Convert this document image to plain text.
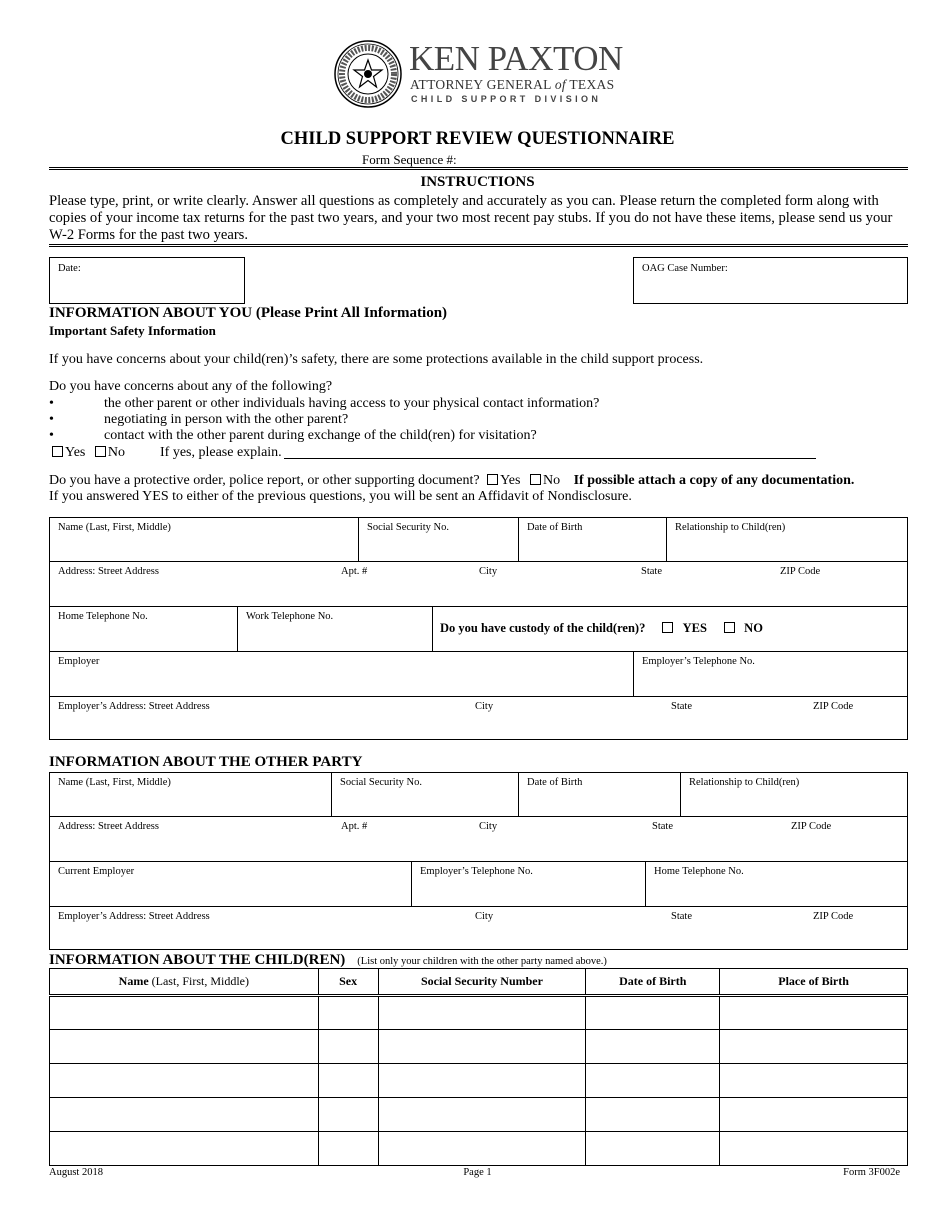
KEN PAXTON
ATTORNEY GENERAL of TEXAS
CHILD SUPPORT DIVISION
CHILD SUPPORT REVIEW QUESTIONNAIRE
Form Sequence #:
INSTRUCTIONS
Please type, print, or write clearly. Answer all questions as completely and accurately as you can. Please return the completed form along with copies of your income tax returns for the past two years, and your two most recent pay stubs. If you do not have these items, please send us your W-2 Forms for the past two years.
Date:	OAG Case Number:
INFORMATION ABOUT YOU (Please Print All Information)
Important Safety Information
If you have concerns about your child(ren)’s safety, there are some protections available in the child support process.
Do you have concerns about any of the following?
•	the other parent or other individuals having access to your physical contact information?
•	negotiating in person with the other parent?
•	contact with the other parent during exchange of the child(ren) for visitation?
Yes No	If yes, please explain.
Do you have a protective order, police report, or other supporting document? Yes No If possible attach a copy of any documentation.
If you answered YES to either of the previous questions, you will be sent an Affidavit of Nondisclosure.
Name (Last, First, Middle)	Social Security No.	Date of Birth	Relationship to Child(ren)
Address: Street Address	Apt. #	City	State	ZIP Code
Home Telephone No.	Work Telephone No.
Do you have custody of the child(ren)?	YES	NO
Employer	Employer’s Telephone No.
Employer’s Address: Street Address	City	State	ZIP Code
INFORMATION ABOUT THE OTHER PARTY
Name (Last, First, Middle)	Social Security No.	Date of Birth	Relationship to Child(ren)
Address: Street Address	Apt. #	City	State	ZIP Code
Current Employer	Employer’s Telephone No.	Home Telephone No.
Employer’s Address: Street Address	City	State	ZIP Code
INFORMATION ABOUT THE CHILD(REN) (List only your children with the other party named above.)
Name (Last, First, Middle)	Sex	Social Security Number	Date of Birth	Place of Birth

August 2018	Page 1	Form 3F002e
